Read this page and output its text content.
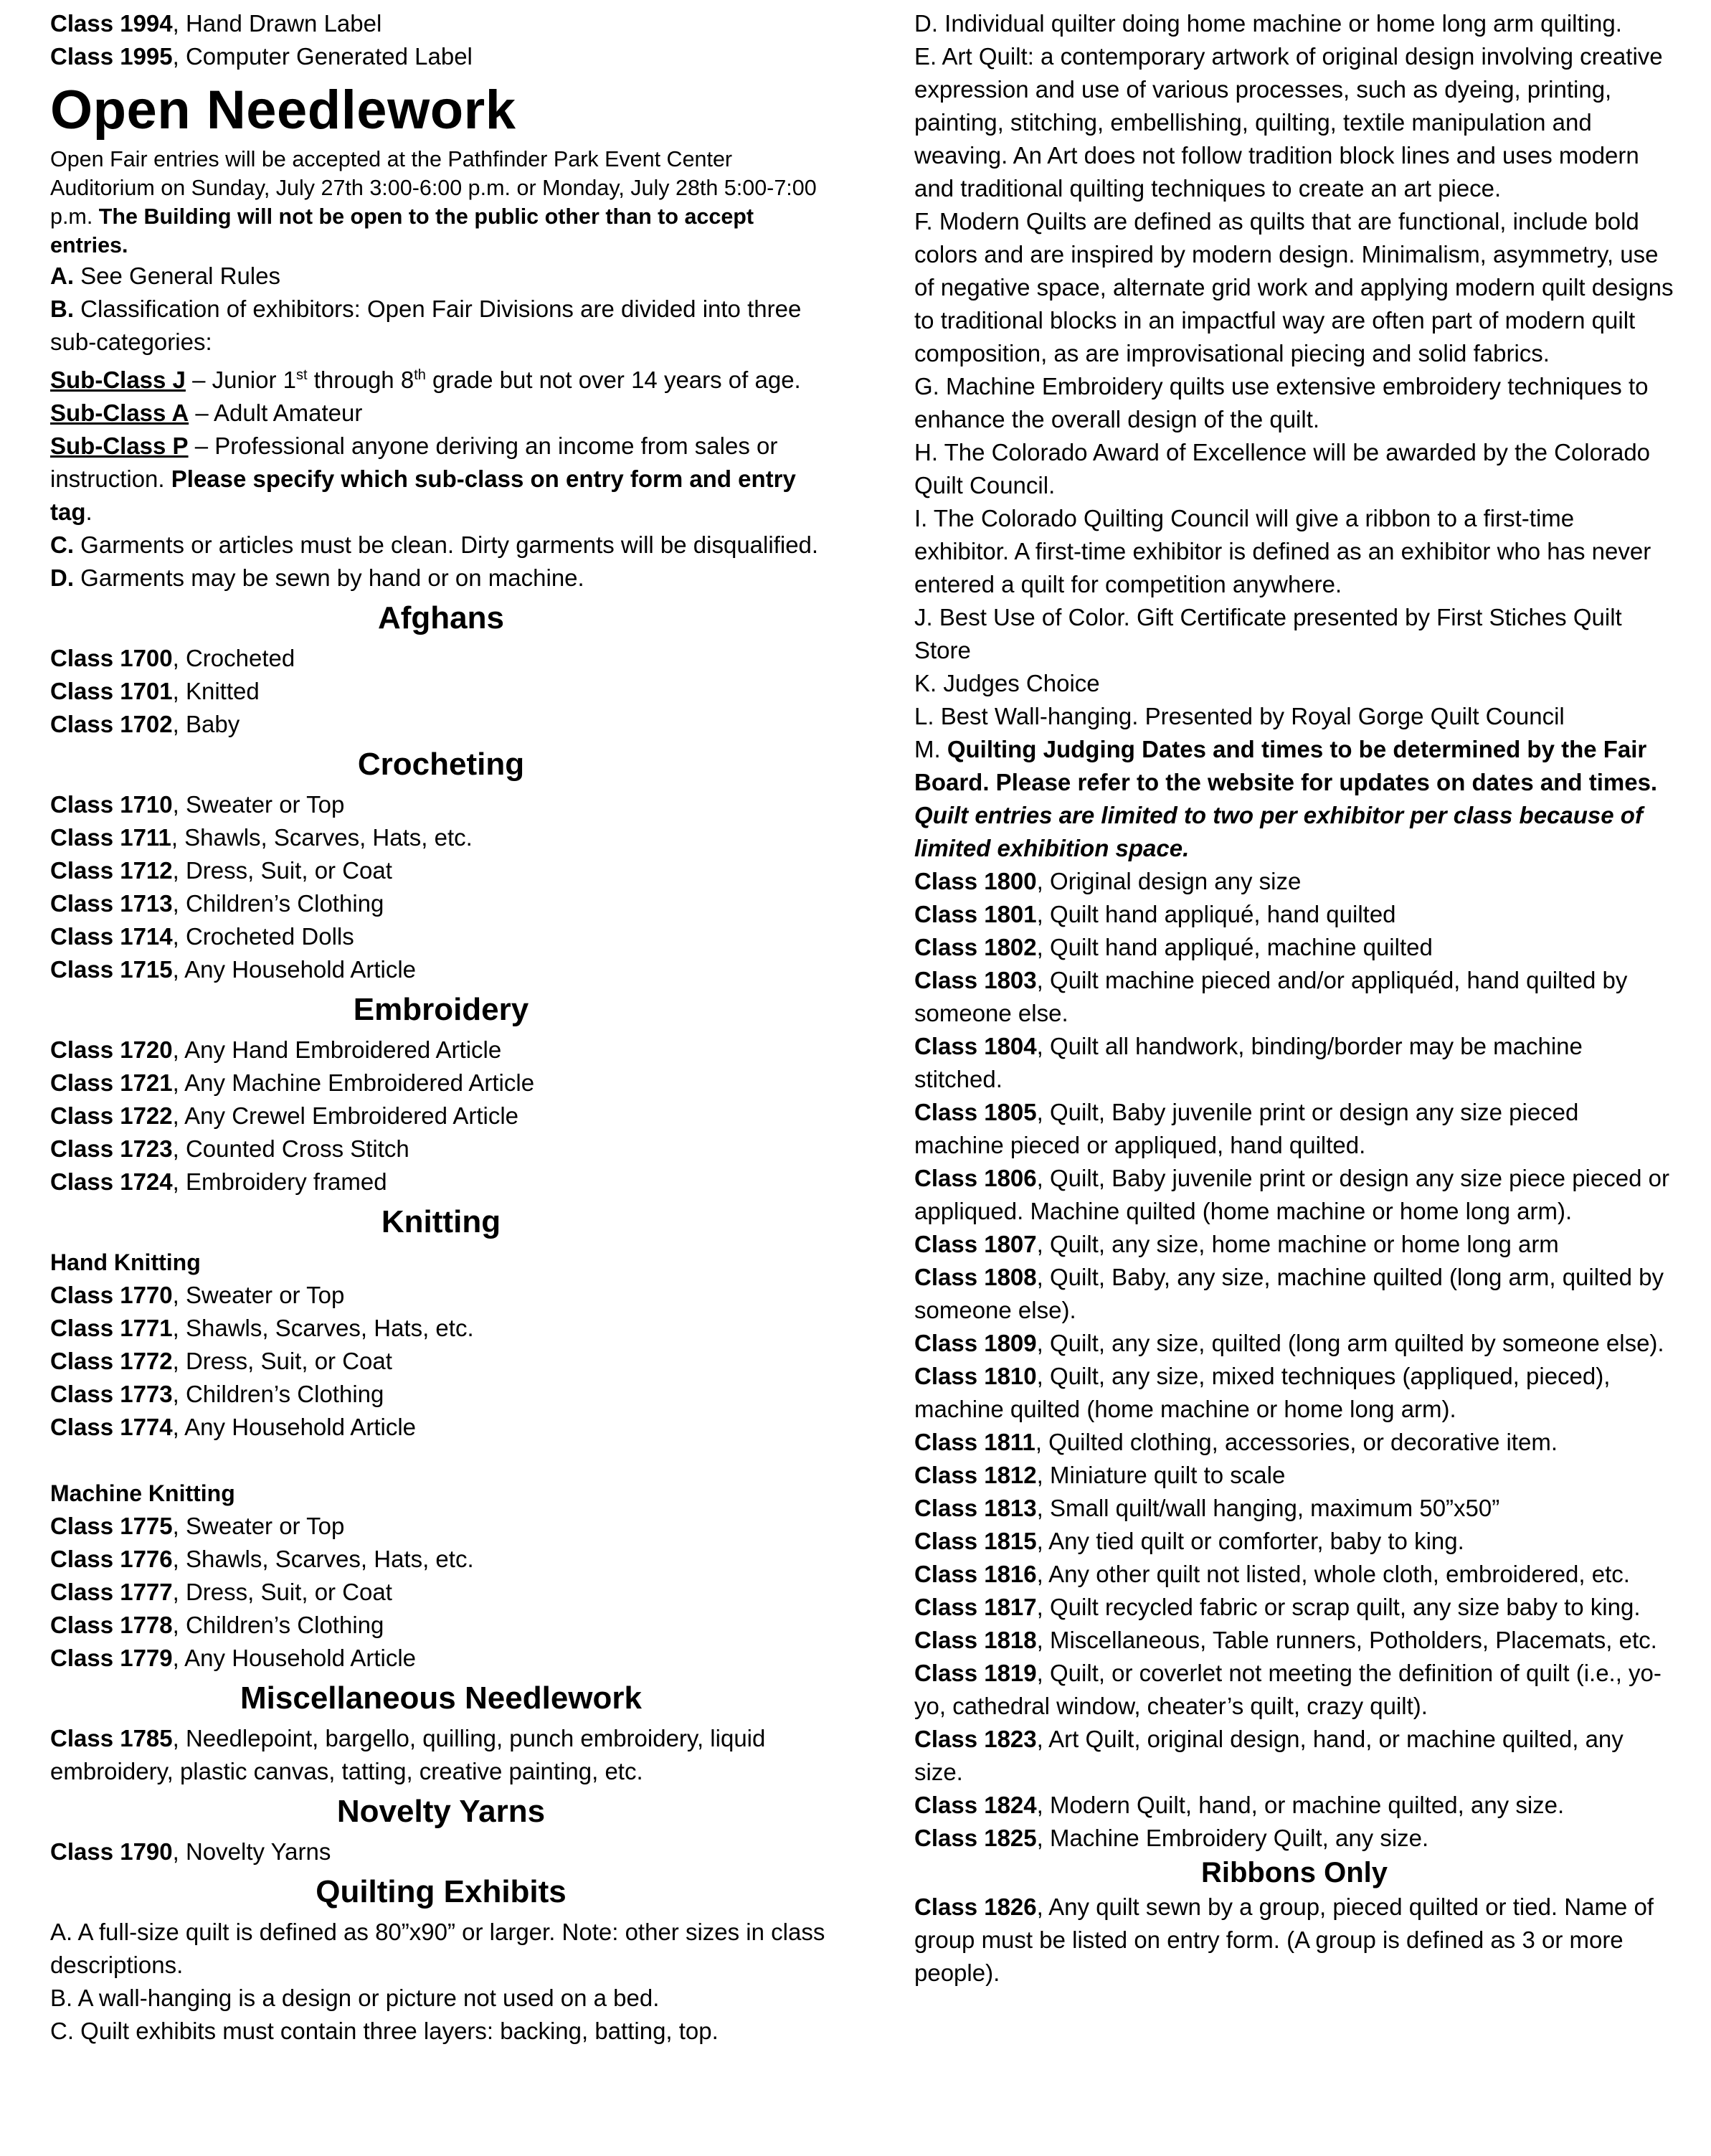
Class 1994, Hand Drawn Label

Class 1995, Computer Generated Label

Open Needlework

Open Fair entries will be accepted at the Pathfinder Park Event Center Auditorium on Sunday, July 27th 3:00-6:00 p.m. or Monday, July 28th 5:00-7:00 p.m. The Building will not be open to the public other than to accept entries.

A. See General Rules

B. Classification of exhibitors: Open Fair Divisions are divided into three sub-categories:

Sub-Class J – Junior 1st through 8th grade but not over 14 years of age.

Sub-Class A – Adult Amateur

Sub-Class P – Professional anyone deriving an income from sales or instruction. Please specify which sub-class on entry form and entry tag.

C. Garments or articles must be clean. Dirty garments will be disqualified.

D. Garments may be sewn by hand or on machine.

Afghans

Class 1700, Crocheted

Class 1701, Knitted

Class 1702, Baby

Crocheting

Class 1710, Sweater or Top

Class 1711, Shawls, Scarves, Hats, etc.

Class 1712, Dress, Suit, or Coat

Class 1713, Children’s Clothing

Class 1714, Crocheted Dolls

Class 1715, Any Household Article

Embroidery

Class 1720, Any Hand Embroidered Article

Class 1721, Any Machine Embroidered Article

Class 1722, Any Crewel Embroidered Article

Class 1723, Counted Cross Stitch

Class 1724, Embroidery framed

Knitting

Hand Knitting

Class 1770, Sweater or Top

Class 1771, Shawls, Scarves, Hats, etc.

Class 1772, Dress, Suit, or Coat

Class 1773, Children’s Clothing

Class 1774, Any Household Article

Machine Knitting

Class 1775, Sweater or Top

Class 1776, Shawls, Scarves, Hats, etc.

Class 1777, Dress, Suit, or Coat

Class 1778, Children’s Clothing

Class 1779, Any Household Article

Miscellaneous Needlework

Class 1785, Needlepoint, bargello, quilling, punch embroidery, liquid embroidery, plastic canvas, tatting, creative painting, etc.

Novelty Yarns

Class 1790, Novelty Yarns

Quilting Exhibits

A. A full-size quilt is defined as 80”x90” or larger. Note: other sizes in class descriptions.

B. A wall-hanging is a design or picture not used on a bed.

C. Quilt exhibits must contain three layers: backing, batting, top.

D. Individual quilter doing home machine or home long arm quilting.

E. Art Quilt: a contemporary artwork of original design involving creative expression and use of various processes, such as dyeing, printing, painting, stitching, embellishing, quilting, textile manipulation and weaving. An Art does not follow tradition block lines and uses modern and traditional quilting techniques to create an art piece.

F. Modern Quilts are defined as quilts that are functional, include bold colors and are inspired by modern design. Minimalism, asymmetry, use of negative space, alternate grid work and applying modern quilt designs to traditional blocks in an impactful way are often part of modern quilt composition, as are improvisational piecing and solid fabrics.

G. Machine Embroidery quilts use extensive embroidery techniques to enhance the overall design of the quilt.

H. The Colorado Award of Excellence will be awarded by the Colorado Quilt Council.

I. The Colorado Quilting Council will give a ribbon to a first-time exhibitor. A first-time exhibitor is defined as an exhibitor who has never entered a quilt for competition anywhere.

J. Best Use of Color. Gift Certificate presented by First Stiches Quilt Store

K. Judges Choice

L. Best Wall-hanging. Presented by Royal Gorge Quilt Council

M. Quilting Judging Dates and times to be determined by the Fair Board. Please refer to the website for updates on dates and times.

Quilt entries are limited to two per exhibitor per class because of limited exhibition space.

Class 1800, Original design any size

Class 1801, Quilt hand appliqué, hand quilted

Class 1802, Quilt hand appliqué, machine quilted

Class 1803, Quilt machine pieced and/or appliquéd, hand quilted by someone else.

Class 1804, Quilt all handwork, binding/border may be machine stitched.

Class 1805, Quilt, Baby juvenile print or design any size pieced machine pieced or appliqued, hand quilted.

Class 1806, Quilt, Baby juvenile print or design any size piece pieced or appliqued. Machine quilted (home machine or home long arm).

Class 1807, Quilt, any size, home machine or home long arm

Class 1808, Quilt, Baby, any size, machine quilted (long arm, quilted by someone else).

Class 1809, Quilt, any size, quilted (long arm quilted by someone else).

Class 1810, Quilt, any size, mixed techniques (appliqued, pieced), machine quilted (home machine or home long arm).

Class 1811, Quilted clothing, accessories, or decorative item.

Class 1812, Miniature quilt to scale

Class 1813, Small quilt/wall hanging, maximum 50”x50”

Class 1815, Any tied quilt or comforter, baby to king.

Class 1816, Any other quilt not listed, whole cloth, embroidered, etc.

Class 1817, Quilt recycled fabric or scrap quilt, any size baby to king.

Class 1818, Miscellaneous, Table runners, Potholders, Placemats, etc.

Class 1819, Quilt, or coverlet not meeting the definition of quilt (i.e., yo-yo, cathedral window, cheater’s quilt, crazy quilt).

Class 1823, Art Quilt, original design, hand, or machine quilted, any size.

Class 1824, Modern Quilt, hand, or machine quilted, any size.

Class 1825, Machine Embroidery Quilt, any size.

Ribbons Only

Class 1826, Any quilt sewn by a group, pieced quilted or tied. Name of group must be listed on entry form. (A group is defined as 3 or more people).
